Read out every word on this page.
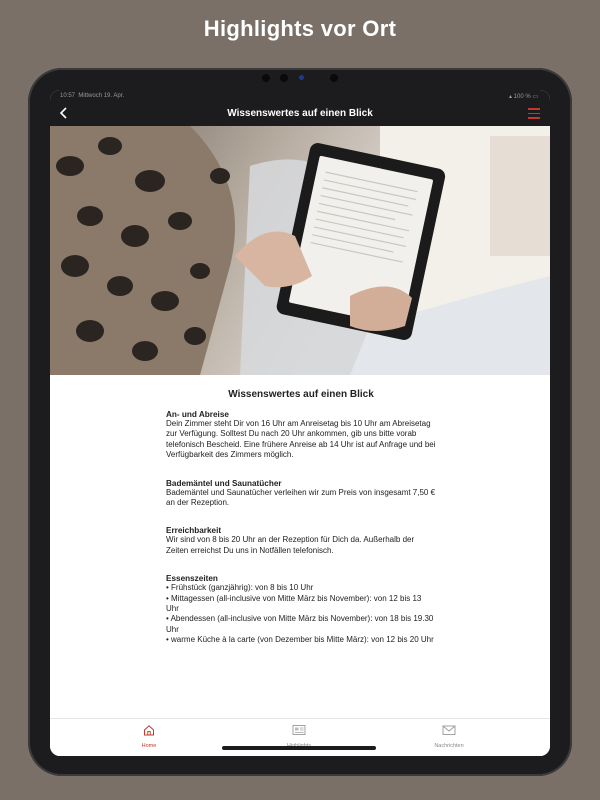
Highlights vor Ort
10:57 Mittwoch 19. Apr.	▴ 100 % ▭
Wissenswertes auf einen Blick
Wissenswertes auf einen Blick
An- und Abreise

Dein Zimmer steht Dir von 16 Uhr am Anreisetag bis 10 Uhr am Abreisetag zur Verfügung. Solltest Du nach 20 Uhr ankommen, gib uns bitte vorab telefonisch Bescheid. Eine frühere Anreise ab 14 Uhr ist auf Anfrage und bei Verfügbarkeit des Zimmers möglich.

Bademäntel und Saunatücher

Bademäntel und Saunatücher verleihen wir zum Preis von insgesamt 7,50 € an der Rezeption.

Erreichbarkeit

Wir sind von 8 bis 20 Uhr an der Rezeption für Dich da. Außerhalb der Zeiten erreichst Du uns in Notfällen telefonisch.

Essenszeiten

• Frühstück (ganzjährig): von 8 bis 10 Uhr

• Mittagessen (all-inclusive von Mitte März bis November): von 12 bis 13 Uhr

• Abendessen (all-inclusive von Mitte März bis November): von 18 bis 19.30 Uhr

• warme Küche à la carte (von Dezember bis Mitte März): von 12 bis 20 Uhr

Home	Nachrichten
